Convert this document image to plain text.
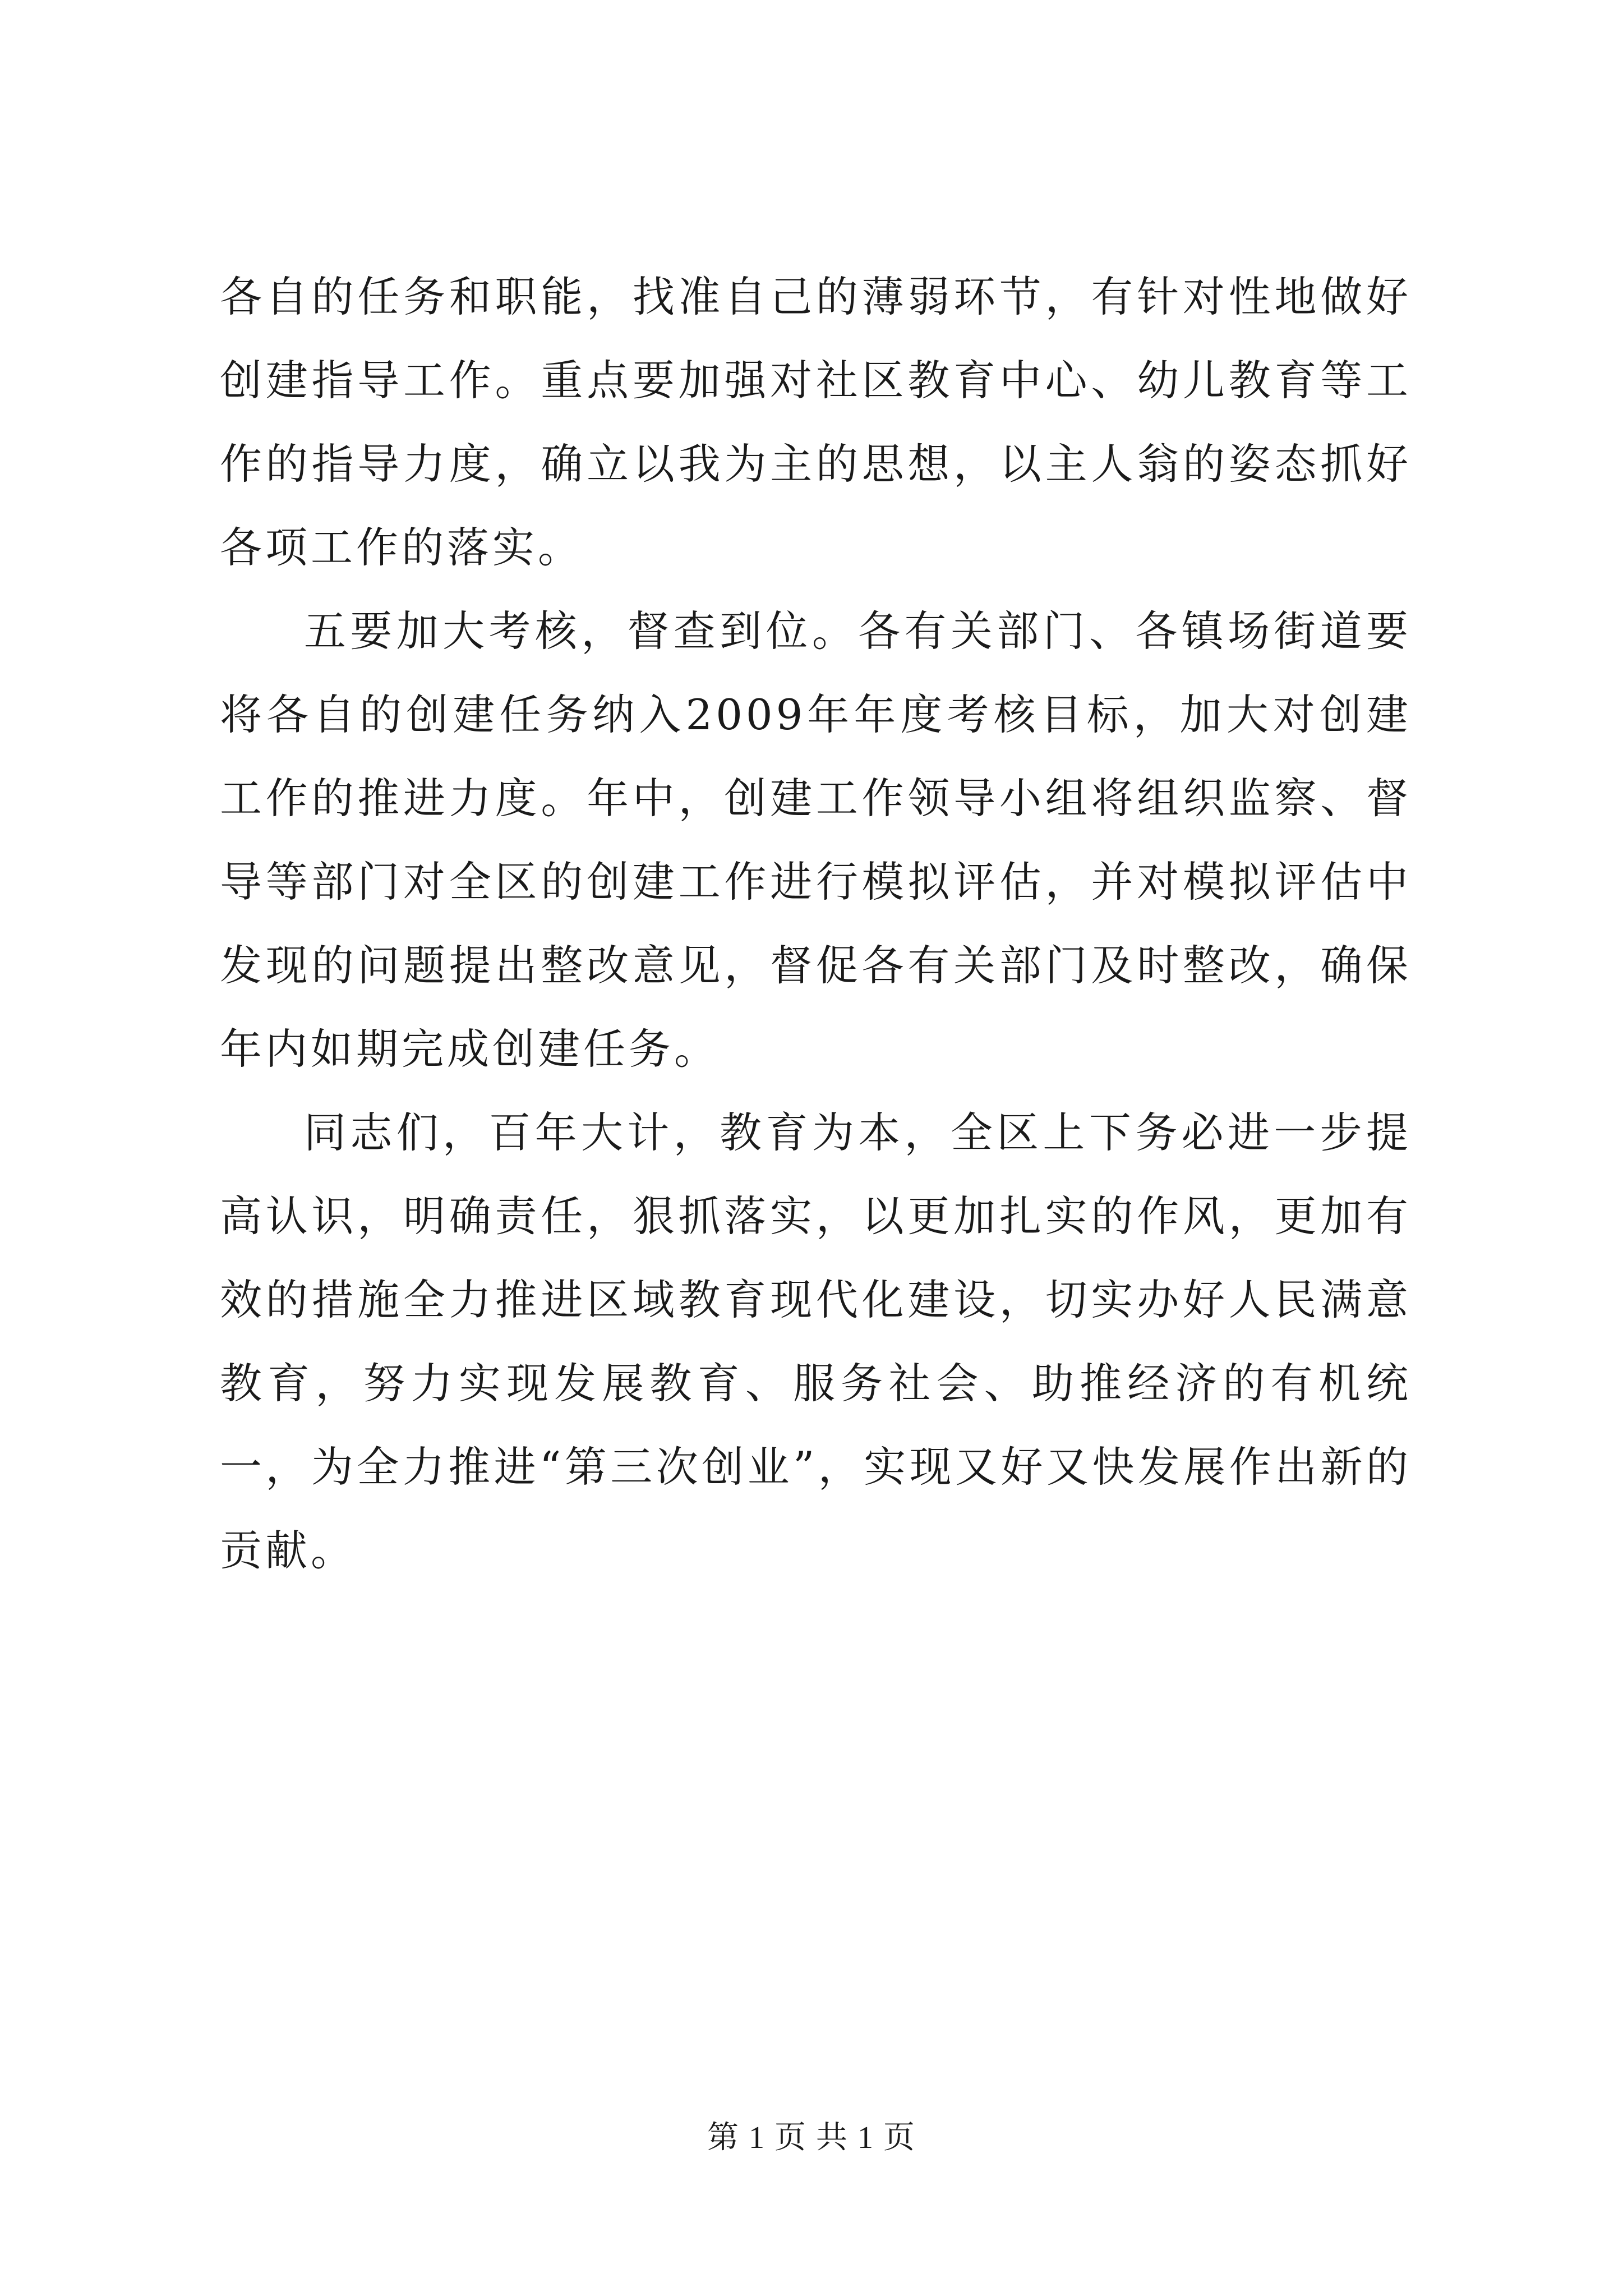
各自的任务和职能，找准自己的薄弱环节，有针对性地做好创建指导工作。重点要加强对社区教育中心、幼儿教育等工作的指导力度，确立以我为主的思想，以主人翁的姿态抓好各项工作的落实。

五要加大考核，督查到位。各有关部门、各镇场街道要将各自的创建任务纳入2009年年度考核目标，加大对创建工作的推进力度。年中，创建工作领导小组将组织监察、督导等部门对全区的创建工作进行模拟评估，并对模拟评估中发现的问题提出整改意见，督促各有关部门及时整改，确保年内如期完成创建任务。

同志们，百年大计，教育为本，全区上下务必进一步提高认识，明确责任，狠抓落实，以更加扎实的作风，更加有效的措施全力推进区域教育现代化建设，切实办好人民满意教育，努力实现发展教育、服务社会、助推经济的有机统一，为全力推进“第三次创业”，实现又好又快发展作出新的贡献。

第 1 页 共 1 页
